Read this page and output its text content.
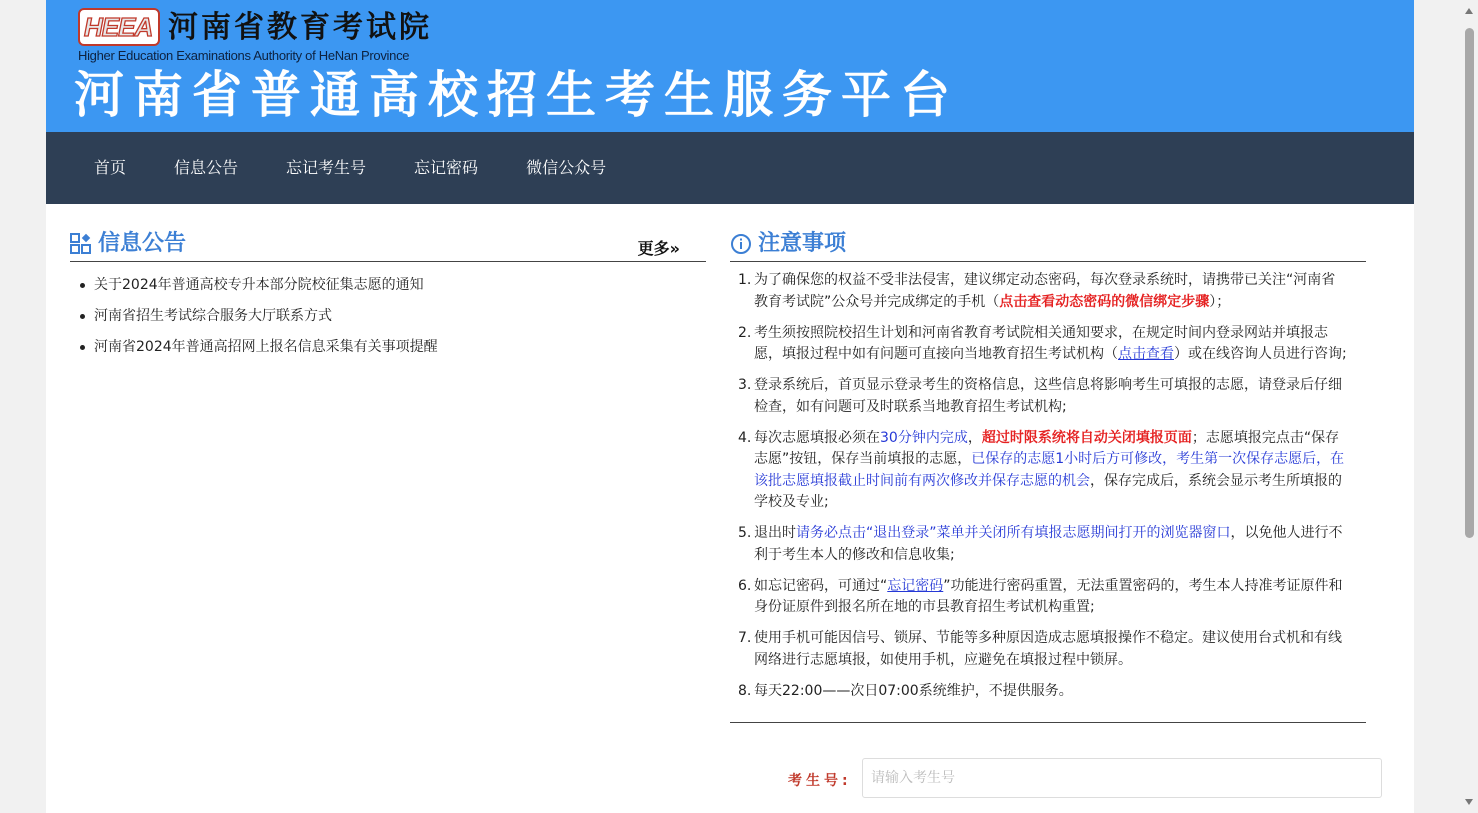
HEEA 河南省教育考试院
Higher Education Examinations Authority of HeNan Province
河南省普通高校招生考生服务平台
首页	信息公告	忘记考生号	忘记密码	微信公众号
信息公告	更多»
关于2024年普通高校专升本部分院校征集志愿的通知
河南省招生考试综合服务大厅联系方式
河南省2024年普通高招网上报名信息采集有关事项提醒
注意事项
1. 为了确保您的权益不受非法侵害，建议绑定动态密码，每次登录系统时，请携带已关注“河南省教育考试院”公众号并完成绑定的手机（点击查看动态密码的微信绑定步骤）；
2. 考生须按照院校招生计划和河南省教育考试院相关通知要求，在规定时间内登录网站并填报志愿，填报过程中如有问题可直接向当地教育招生考试机构（点击查看）或在线咨询人员进行咨询;
3. 登录系统后，首页显示登录考生的资格信息，这些信息将影响考生可填报的志愿，请登录后仔细检查，如有问题可及时联系当地教育招生考试机构;
4. 每次志愿填报必须在30分钟内完成，超过时限系统将自动关闭填报页面；志愿填报完点击“保存志愿”按钮，保存当前填报的志愿，已保存的志愿1小时后方可修改，考生第一次保存志愿后，在该批志愿填报截止时间前有两次修改并保存志愿的机会，保存完成后，系统会显示考生所填报的学校及专业;
5. 退出时请务必点击“退出登录”菜单并关闭所有填报志愿期间打开的浏览器窗口，以免他人进行不利于考生本人的修改和信息收集;
6. 如忘记密码，可通过“忘记密码”功能进行密码重置，无法重置密码的，考生本人持准考证原件和身份证原件到报名所在地的市县教育招生考试机构重置;
7. 使用手机可能因信号、锁屏、节能等多种原因造成志愿填报操作不稳定。建议使用台式机和有线网络进行志愿填报，如使用手机，应避免在填报过程中锁屏。
8. 每天22:00——次日07:00系统维护，不提供服务。
考生号:
请输入考生号
